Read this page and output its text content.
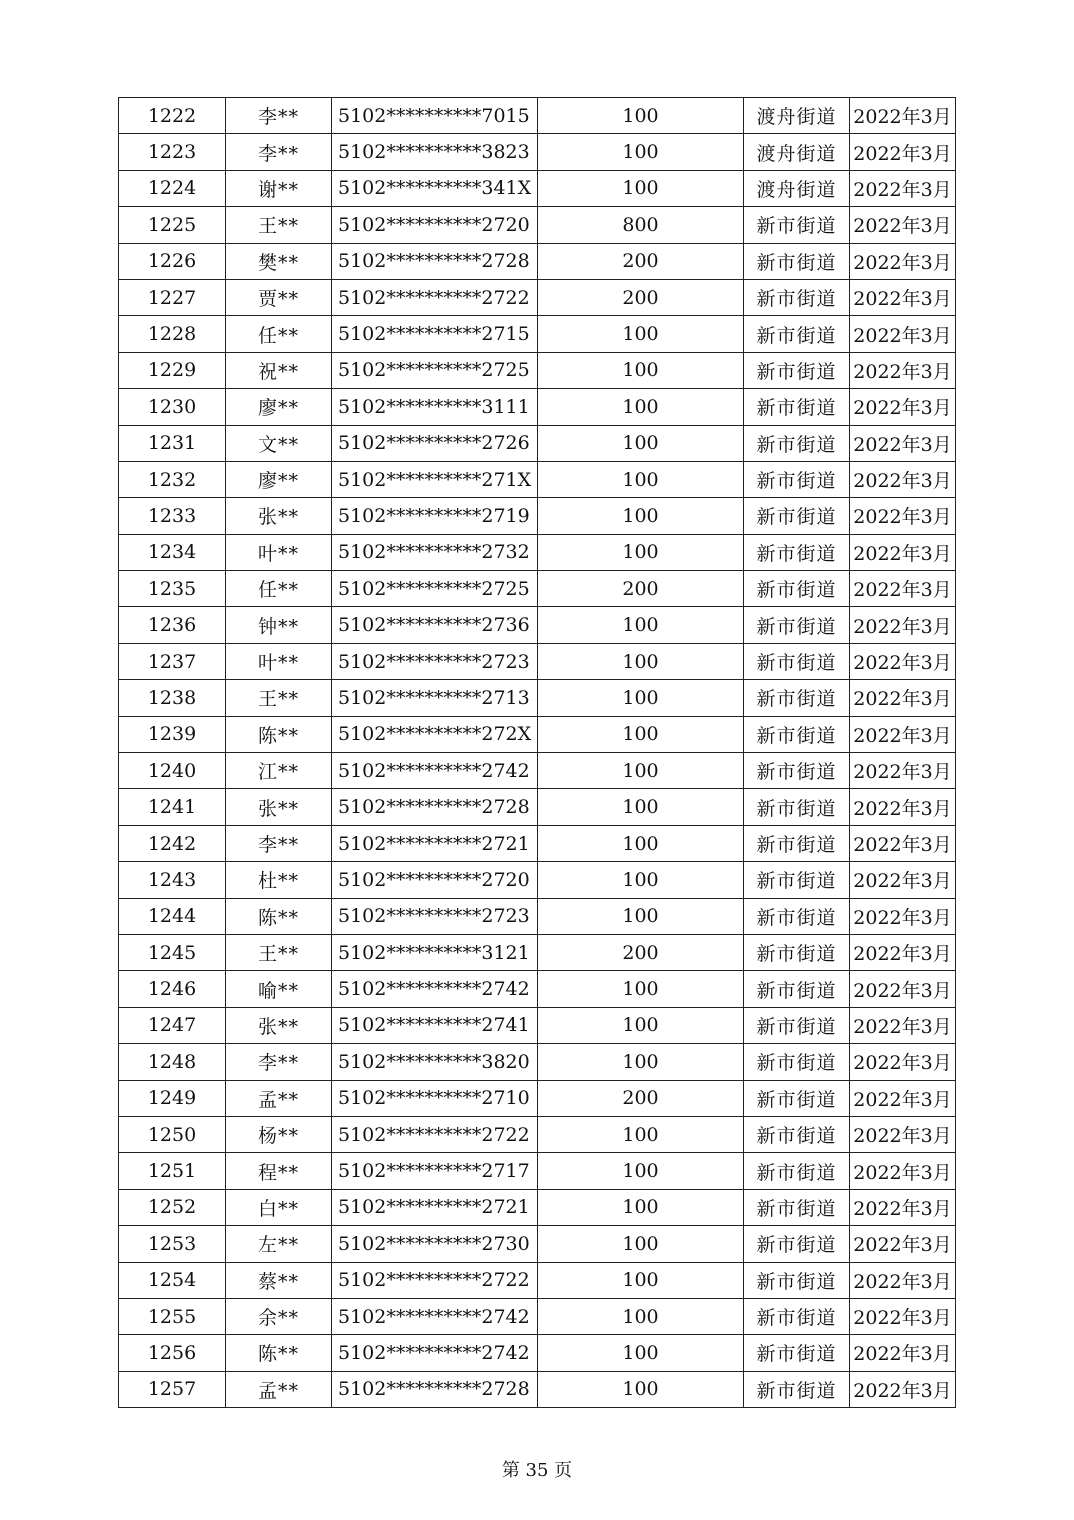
1222	李**	5102**********7015	100	渡舟街道	2022年3月
1223	李**	5102**********3823	100	渡舟街道	2022年3月
1224	谢**	5102**********341X	100	渡舟街道	2022年3月
1225	王**	5102**********2720	800	新市街道	2022年3月
1226	樊**	5102**********2728	200	新市街道	2022年3月
1227	贾**	5102**********2722	200	新市街道	2022年3月
1228	任**	5102**********2715	100	新市街道	2022年3月
1229	祝**	5102**********2725	100	新市街道	2022年3月
1230	廖**	5102**********3111	100	新市街道	2022年3月
1231	文**	5102**********2726	100	新市街道	2022年3月
1232	廖**	5102**********271X	100	新市街道	2022年3月
1233	张**	5102**********2719	100	新市街道	2022年3月
1234	叶**	5102**********2732	100	新市街道	2022年3月
1235	任**	5102**********2725	200	新市街道	2022年3月
1236	钟**	5102**********2736	100	新市街道	2022年3月
1237	叶**	5102**********2723	100	新市街道	2022年3月
1238	王**	5102**********2713	100	新市街道	2022年3月
1239	陈**	5102**********272X	100	新市街道	2022年3月
1240	江**	5102**********2742	100	新市街道	2022年3月
1241	张**	5102**********2728	100	新市街道	2022年3月
1242	李**	5102**********2721	100	新市街道	2022年3月
1243	杜**	5102**********2720	100	新市街道	2022年3月
1244	陈**	5102**********2723	100	新市街道	2022年3月
1245	王**	5102**********3121	200	新市街道	2022年3月
1246	喻**	5102**********2742	100	新市街道	2022年3月
1247	张**	5102**********2741	100	新市街道	2022年3月
1248	李**	5102**********3820	100	新市街道	2022年3月
1249	孟**	5102**********2710	200	新市街道	2022年3月
1250	杨**	5102**********2722	100	新市街道	2022年3月
1251	程**	5102**********2717	100	新市街道	2022年3月
1252	白**	5102**********2721	100	新市街道	2022年3月
1253	左**	5102**********2730	100	新市街道	2022年3月
1254	蔡**	5102**********2722	100	新市街道	2022年3月
1255	余**	5102**********2742	100	新市街道	2022年3月
1256	陈**	5102**********2742	100	新市街道	2022年3月
1257	孟**	5102**********2728	100	新市街道	2022年3月
第 35 页
